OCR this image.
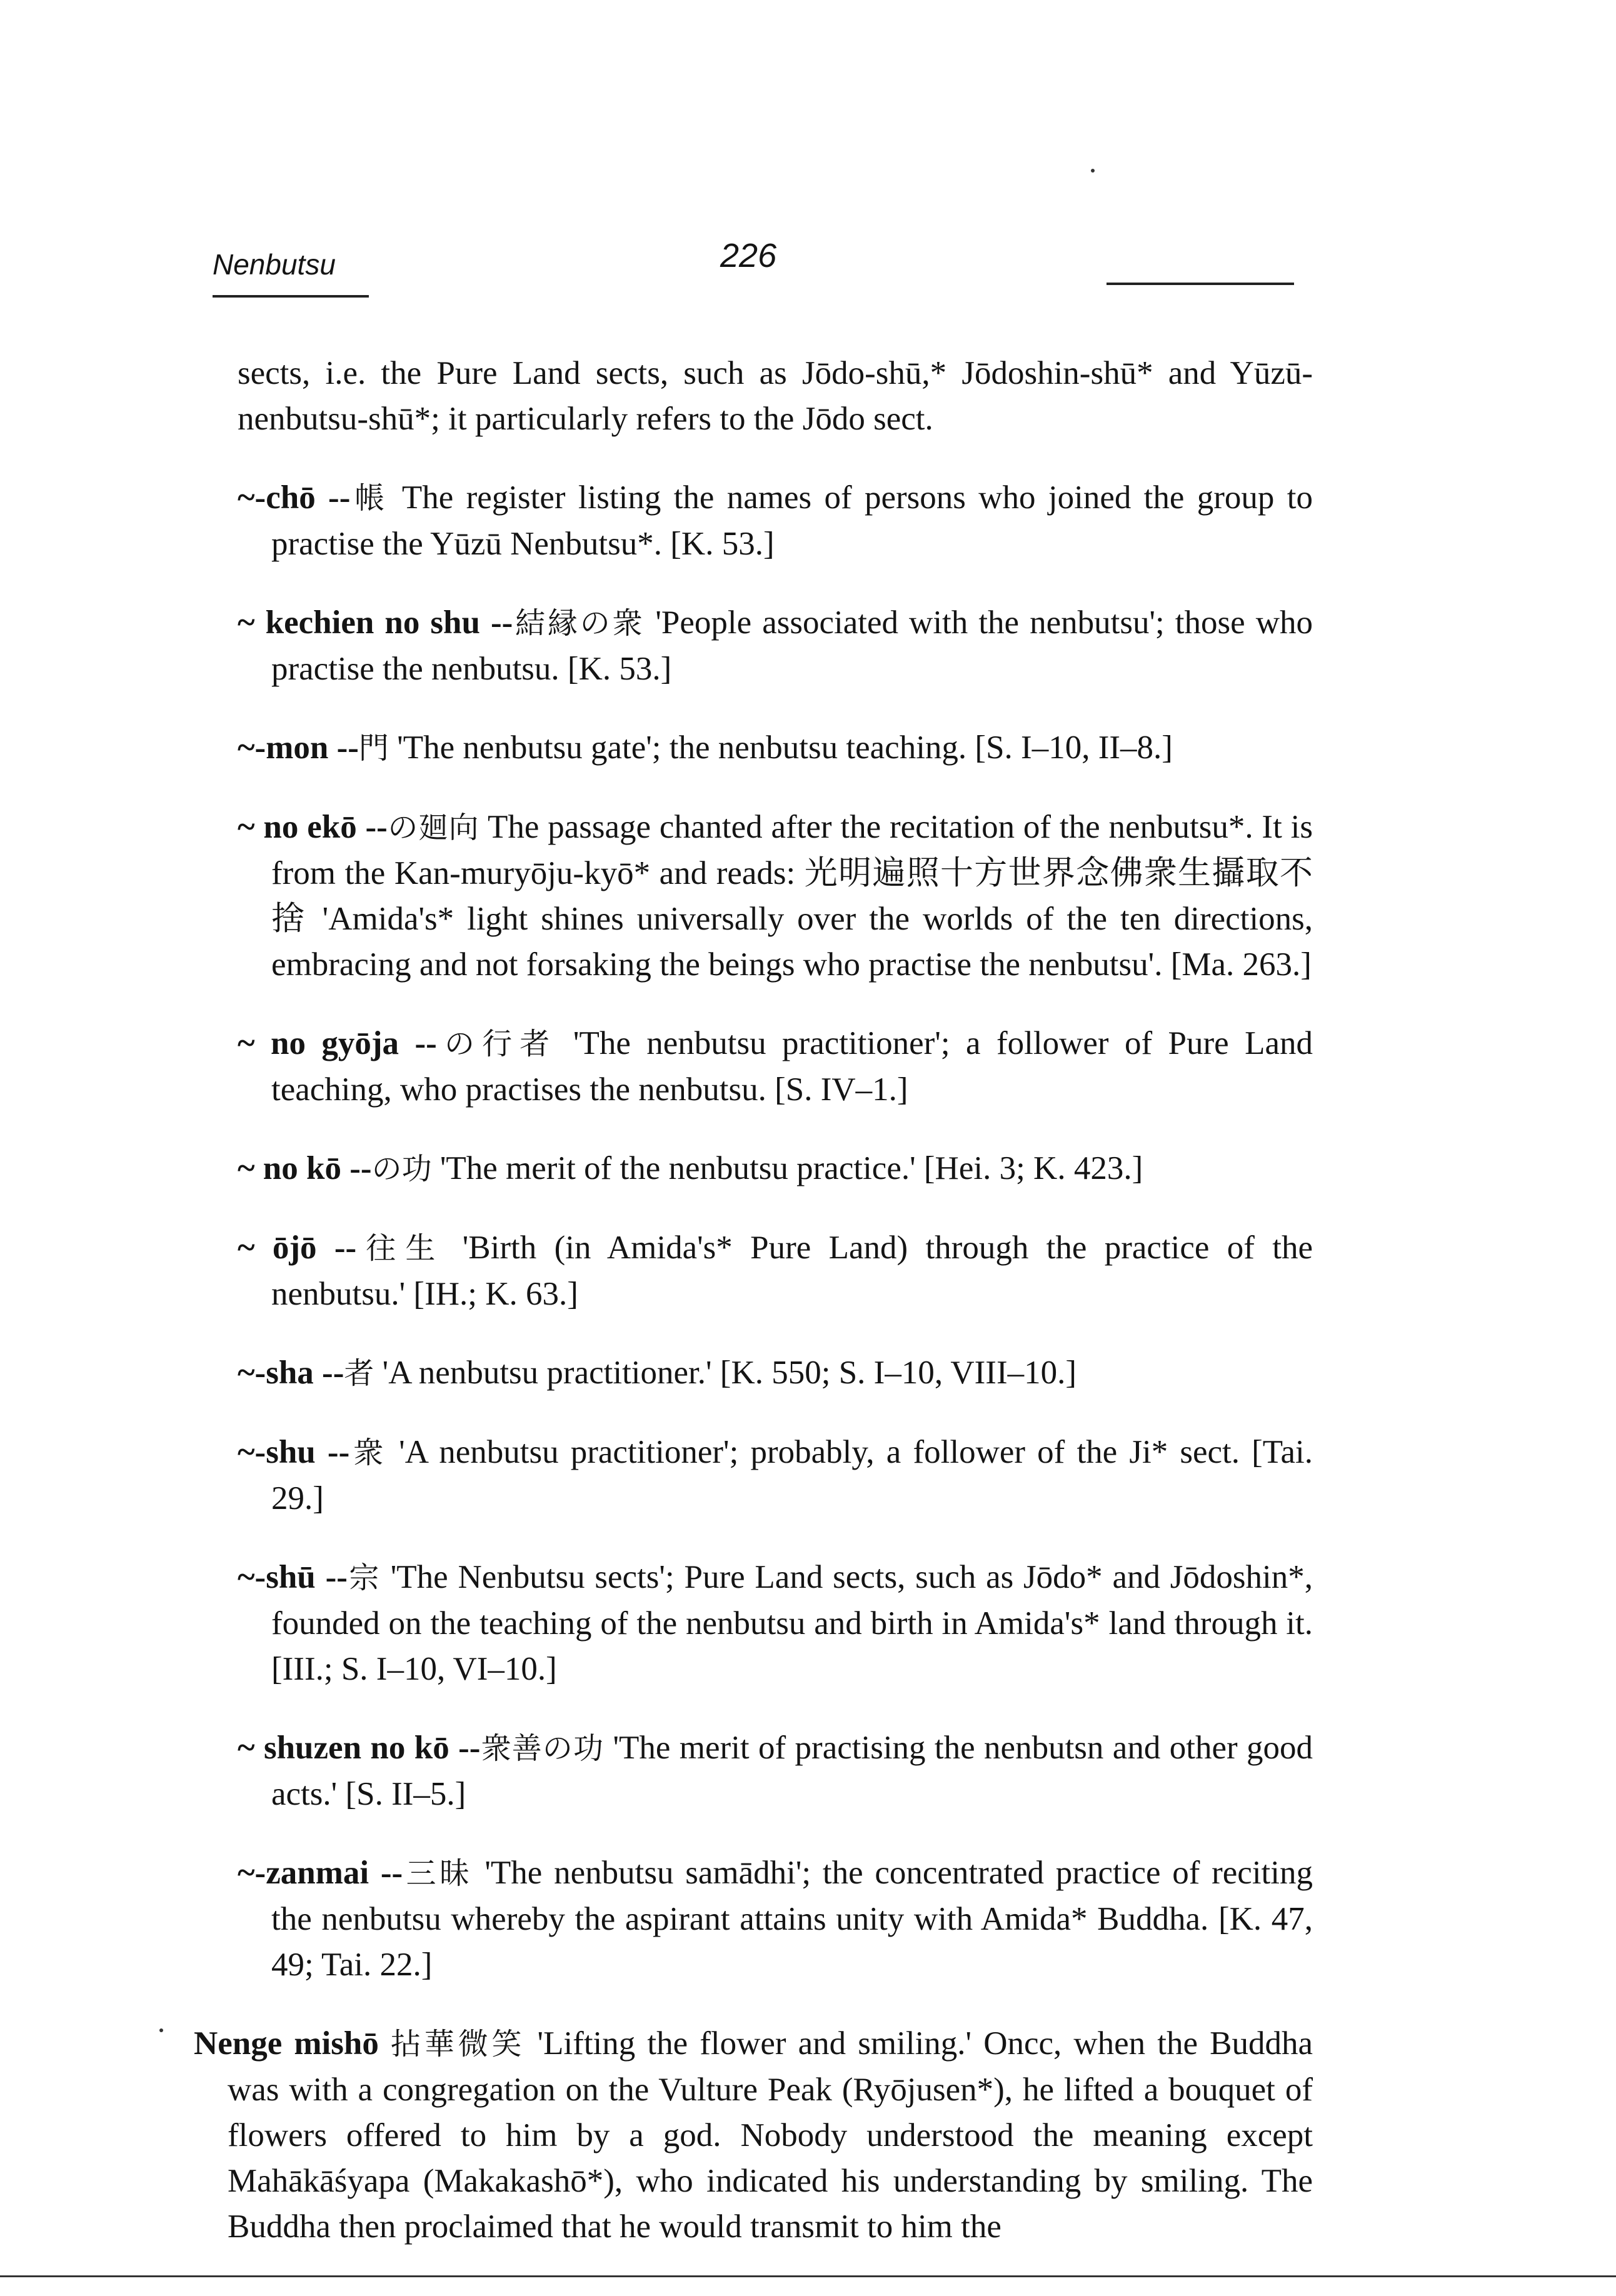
Nenbutsu	226

sects, i.e. the Pure Land sects, such as Jōdo-shū,* Jōdoshin-shū* and Yūzū-nenbutsu-shū*; it particularly refers to the Jōdo sect.

~-chō --帳 The register listing the names of persons who joined the group to practise the Yūzū Nenbutsu*. [K. 53.]

~ kechien no shu --結縁の衆 'People associated with the nenbutsu'; those who practise the nenbutsu. [K. 53.]

~-mon --門 'The nenbutsu gate'; the nenbutsu teaching. [S. I–10, II–8.]

~ no ekō --の廻向 The passage chanted after the recitation of the nenbutsu*. It is from the Kan-muryōju-kyō* and reads: 光明遍照十方世界念佛衆生攝取不捨 'Amida's* light shines universally over the worlds of the ten directions, embracing and not forsaking the beings who practise the nenbutsu'. [Ma. 263.]

~ no gyōja --の行者 'The nenbutsu practitioner'; a follower of Pure Land teaching, who practises the nenbutsu. [S. IV–1.]

~ no kō --の功 'The merit of the nenbutsu practice.' [Hei. 3; K. 423.]

~ ōjō --往生 'Birth (in Amida's* Pure Land) through the practice of the nenbutsu.' [IH.; K. 63.]

~-sha --者 'A nenbutsu practitioner.' [K. 550; S. I–10, VIII–10.]

~-shu --衆 'A nenbutsu practitioner'; probably, a follower of the Ji* sect. [Tai. 29.]

~-shū --宗 'The Nenbutsu sects'; Pure Land sects, such as Jōdo* and Jōdoshin*, founded on the teaching of the nenbutsu and birth in Amida's* land through it. [III.; S. I–10, VI–10.]

~ shuzen no kō --衆善の功 'The merit of practising the nenbutsn and other good acts.' [S. II–5.]

~-zanmai --三昧 'The nenbutsu samādhi'; the concentrated practice of reciting the nenbutsu whereby the aspirant attains unity with Amida* Buddha. [K. 47, 49; Tai. 22.]

Nenge mishō 拈華微笑 'Lifting the flower and smiling.' Oncc, when the Buddha was with a congregation on the Vulture Peak (Ryōjusen*), he lifted a bouquet of flowers offered to him by a god. Nobody understood the meaning except Mahākāśyapa (Makakashō*), who indicated his understanding by smiling. The Buddha then proclaimed that he would transmit to him the
